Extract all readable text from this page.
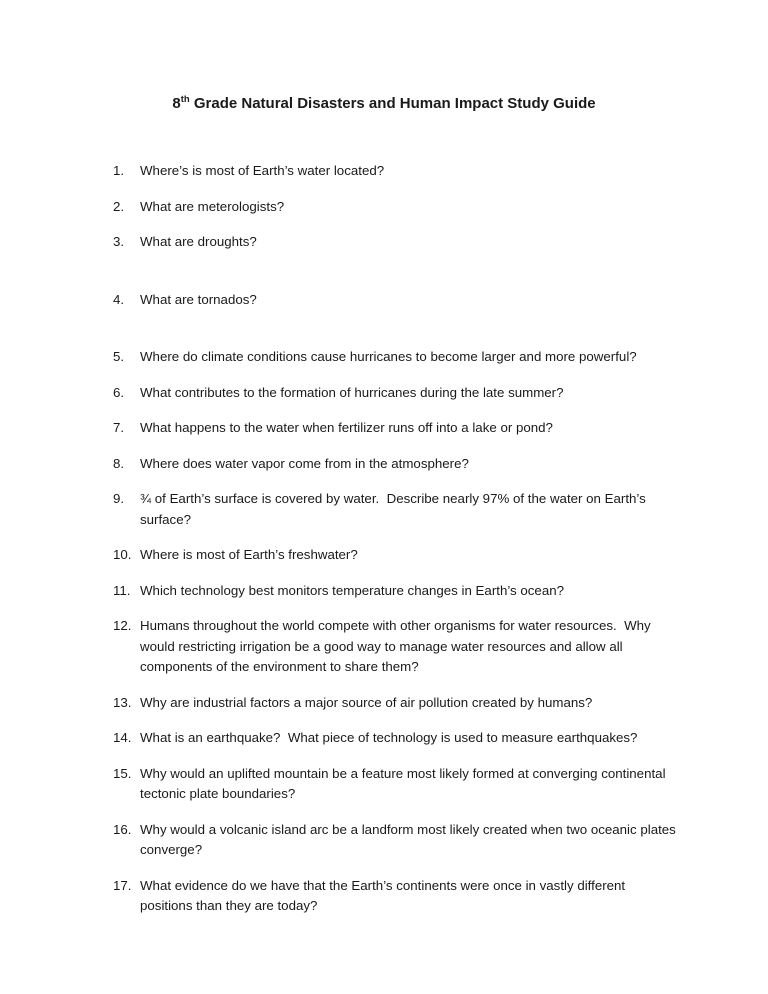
8th Grade Natural Disasters and Human Impact Study Guide
1.	Where’s is most of Earth’s water located?
2.	What are meterologists?
3.	What are droughts?
4.	What are tornados?
5.	Where do climate conditions cause hurricanes to become larger and more powerful?
6.	What contributes to the formation of hurricanes during the late summer?
7.	What happens to the water when fertilizer runs off into a lake or pond?
8.	Where does water vapor come from in the atmosphere?
9.	¾ of Earth’s surface is covered by water.  Describe nearly 97% of the water on Earth’s surface?
10. Where is most of Earth’s freshwater?
11. Which technology best monitors temperature changes in Earth’s ocean?
12. Humans throughout the world compete with other organisms for water resources.  Why would restricting irrigation be a good way to manage water resources and allow all components of the environment to share them?
13. Why are industrial factors a major source of air pollution created by humans?
14. What is an earthquake?  What piece of technology is used to measure earthquakes?
15. Why would an uplifted mountain be a feature most likely formed at converging continental tectonic plate boundaries?
16. Why would a volcanic island arc be a landform most likely created when two oceanic plates converge?
17. What evidence do we have that the Earth’s continents were once in vastly different positions than they are today?
